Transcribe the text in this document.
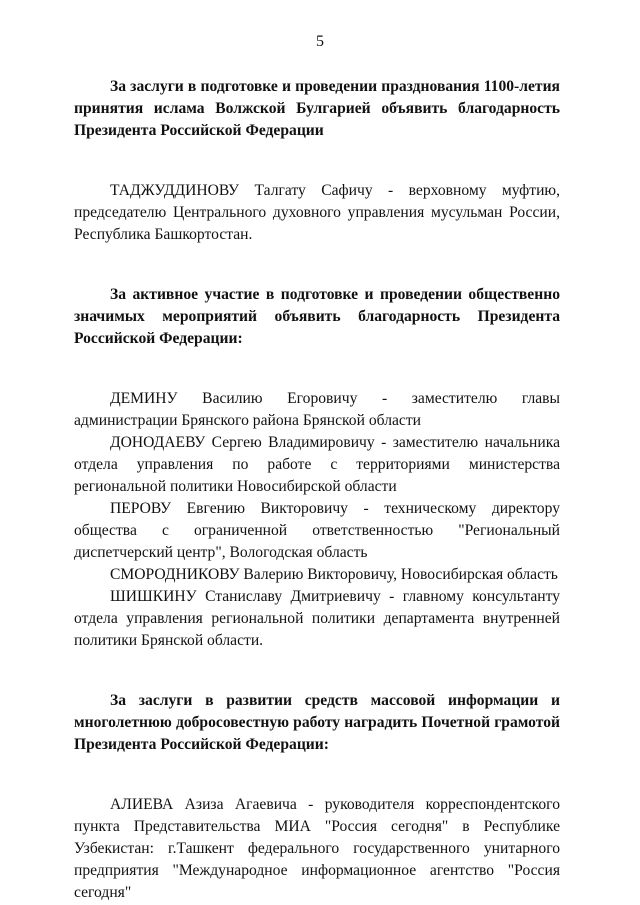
5

За заслуги в подготовке и проведении празднования 1100-летия принятия ислама Волжской Булгарией объявить благодарность Президента Российской Федерации

ТАДЖУДДИНОВУ Талгату Сафичу - верховному муфтию, председателю Центрального духовного управления мусульман России, Республика Башкортостан.

За активное участие в подготовке и проведении общественно значимых мероприятий объявить благодарность Президента Российской Федерации:

ДЕМИНУ Василию Егоровичу - заместителю главы администрации Брянского района Брянской области

ДОНОДАЕВУ Сергею Владимировичу - заместителю начальника отдела управления по работе с территориями министерства региональной политики Новосибирской области

ПЕРОВУ Евгению Викторовичу - техническому директору общества с ограниченной ответственностью "Региональный диспетчерский центр", Вологодская область

СМОРОДНИКОВУ Валерию Викторовичу, Новосибирская область

ШИШКИНУ Станиславу Дмитриевичу - главному консультанту отдела управления региональной политики департамента внутренней политики Брянской области.

За заслуги в развитии средств массовой информации и многолетнюю добросовестную работу наградить Почетной грамотой Президента Российской Федерации:

АЛИЕВА Азиза Агаевича - руководителя корреспондентского пункта Представительства МИА "Россия сегодня" в Республике Узбекистан: г.Ташкент федерального государственного унитарного предприятия "Международное информационное агентство "Россия сегодня"
